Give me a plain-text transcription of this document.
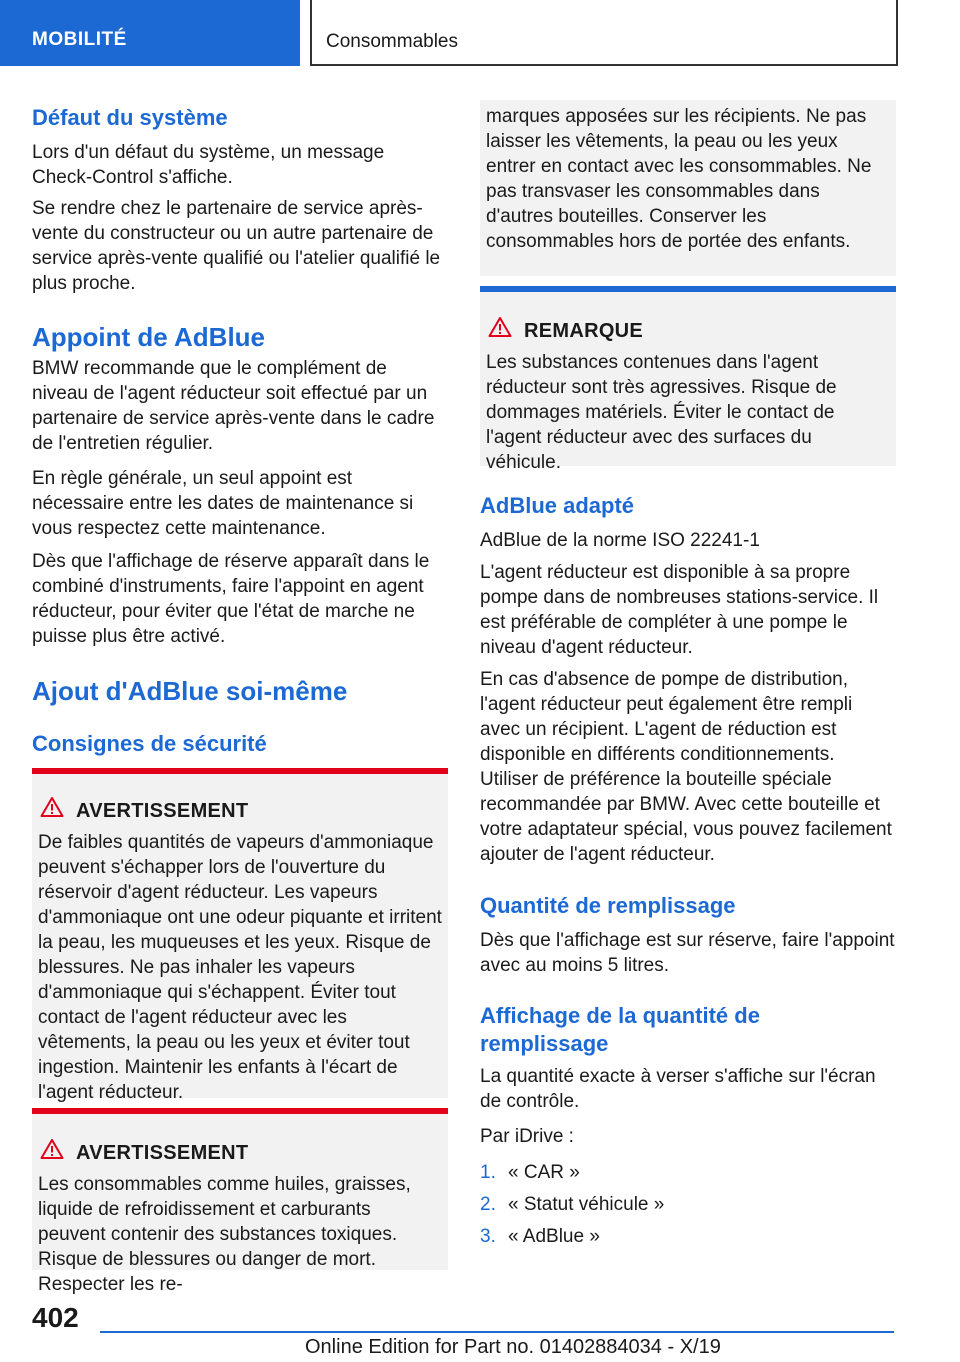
MOBILITÉ	Consommables
Défaut du système

Lors d'un défaut du système, un message Check-Control s'affiche.

Se rendre chez le partenaire de service après-vente du constructeur ou un autre partenaire de service après-vente qualifié ou l'atelier qualifié le plus proche.

Appoint de AdBlue

BMW recommande que le complément de niveau de l'agent réducteur soit effectué par un partenaire de service après-vente dans le cadre de l'entretien régulier.

En règle générale, un seul appoint est nécessaire entre les dates de maintenance si vous respectez cette maintenance.

Dès que l'affichage de réserve apparaît dans le combiné d'instruments, faire l'appoint en agent réducteur, pour éviter que l'état de marche ne puisse plus être activé.

Ajout d'AdBlue soi-même
Consignes de sécurité
AVERTISSEMENT

De faibles quantités de vapeurs d'ammoniaque peuvent s'échapper lors de l'ouverture du réservoir d'agent réducteur. Les vapeurs d'ammoniaque ont une odeur piquante et irritent la peau, les muqueuses et les yeux. Risque de blessures. Ne pas inhaler les vapeurs d'ammoniaque qui s'échappent. Éviter tout contact de l'agent réducteur avec les vêtements, la peau ou les yeux et éviter tout ingestion. Maintenir les enfants à l'écart de l'agent réducteur.

AVERTISSEMENT

Les consommables comme huiles, graisses, liquide de refroidissement et carburants peuvent contenir des substances toxiques. Risque de blessures ou danger de mort. Respecter les re-

marques apposées sur les récipients. Ne pas laisser les vêtements, la peau ou les yeux entrer en contact avec les consommables. Ne pas transvaser les consommables dans d'autres bouteilles. Conserver les consommables hors de portée des enfants.

REMARQUE

Les substances contenues dans l'agent réducteur sont très agressives. Risque de dommages matériels. Éviter le contact de l'agent réducteur avec des surfaces du véhicule.

AdBlue adapté

AdBlue de la norme ISO 22241-1

L'agent réducteur est disponible à sa propre pompe dans de nombreuses stations-service. Il est préférable de compléter à une pompe le niveau d'agent réducteur.

En cas d'absence de pompe de distribution, l'agent réducteur peut également être rempli avec un récipient. L'agent de réduction est disponible en différents conditionnements. Utiliser de préférence la bouteille spéciale recommandée par BMW. Avec cette bouteille et votre adaptateur spécial, vous pouvez facilement ajouter de l'agent réducteur.

Quantité de remplissage

Dès que l'affichage est sur réserve, faire l'appoint avec au moins 5 litres.

Affichage de la quantité de remplissage

La quantité exacte à verser s'affiche sur l'écran de contrôle.

Par iDrive :

1. « CAR »
2. « Statut véhicule »
3. « AdBlue »
402
Online Edition for Part no. 01402884034 - X/19
